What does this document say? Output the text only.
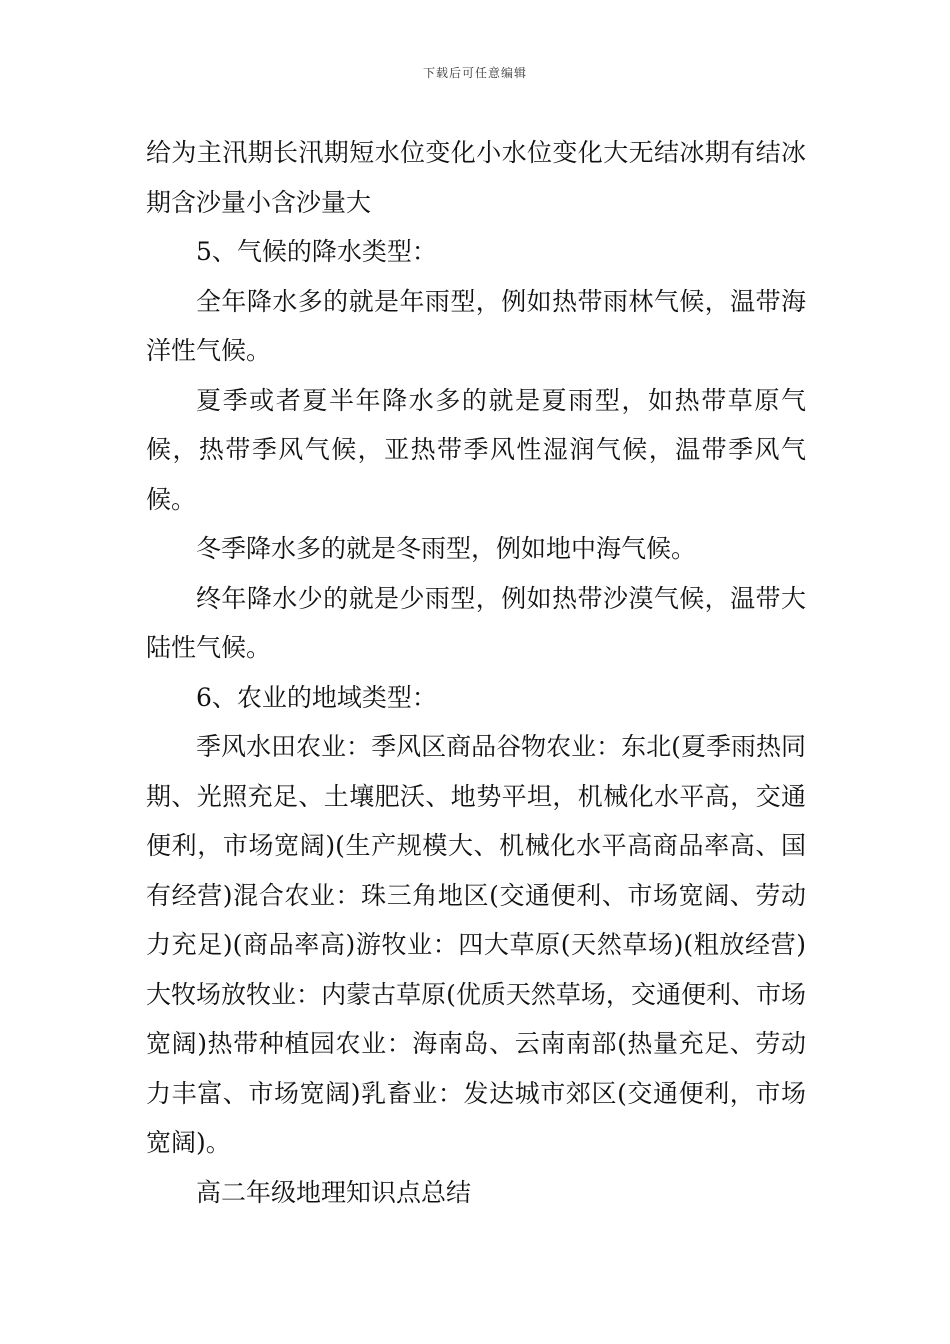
下载后可任意编辑

给为主汛期长汛期短水位变化小水位变化大无结冰期有结冰期含沙量小含沙量大

5、气候的降水类型：

全年降水多的就是年雨型，例如热带雨林气候，温带海洋性气候。

夏季或者夏半年降水多的就是夏雨型，如热带草原气候，热带季风气候，亚热带季风性湿润气候，温带季风气候。

冬季降水多的就是冬雨型，例如地中海气候。

终年降水少的就是少雨型，例如热带沙漠气候，温带大陆性气候。

6、农业的地域类型：

季风水田农业：季风区商品谷物农业：东北(夏季雨热同期、光照充足、土壤肥沃、地势平坦，机械化水平高，交通便利，市场宽阔)(生产规模大、机械化水平高商品率高、国有经营)混合农业：珠三角地区(交通便利、市场宽阔、劳动力充足)(商品率高)游牧业：四大草原(天然草场)(粗放经营)大牧场放牧业：内蒙古草原(优质天然草场，交通便利、市场宽阔)热带种植园农业：海南岛、云南南部(热量充足、劳动力丰富、市场宽阔)乳畜业：发达城市郊区(交通便利，市场宽阔)。

高二年级地理知识点总结
